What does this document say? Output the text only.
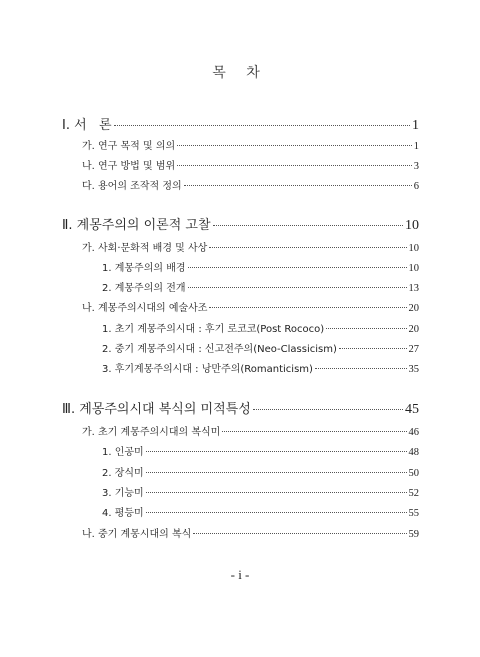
목 차
Ⅰ. 서   론	1
가. 연구 목적 및 의의	1
나. 연구 방법 및 범위	3
다. 용어의 조작적 정의	6
Ⅱ. 계몽주의의 이론적 고찰	10
가. 사회·문화적 배경 및 사상	10
1. 계몽주의의 배경	10
2. 계몽주의의 전개	13
나. 계몽주의시대의 예술사조	20
1. 초기 계몽주의시대 : 후기 로코코(Post Rococo)	20
2. 중기 계몽주의시대 : 신고전주의(Neo-Classicism)	27
3. 후기계몽주의시대 : 낭만주의(Romanticism)	35
Ⅲ. 계몽주의시대 복식의 미적특성	45
가. 초기 계몽주의시대의 복식미	46
1. 인공미	48
2. 장식미	50
3. 기능미	52
4. 평등미	55
나. 중기 계몽시대의 복식	59
- i -
